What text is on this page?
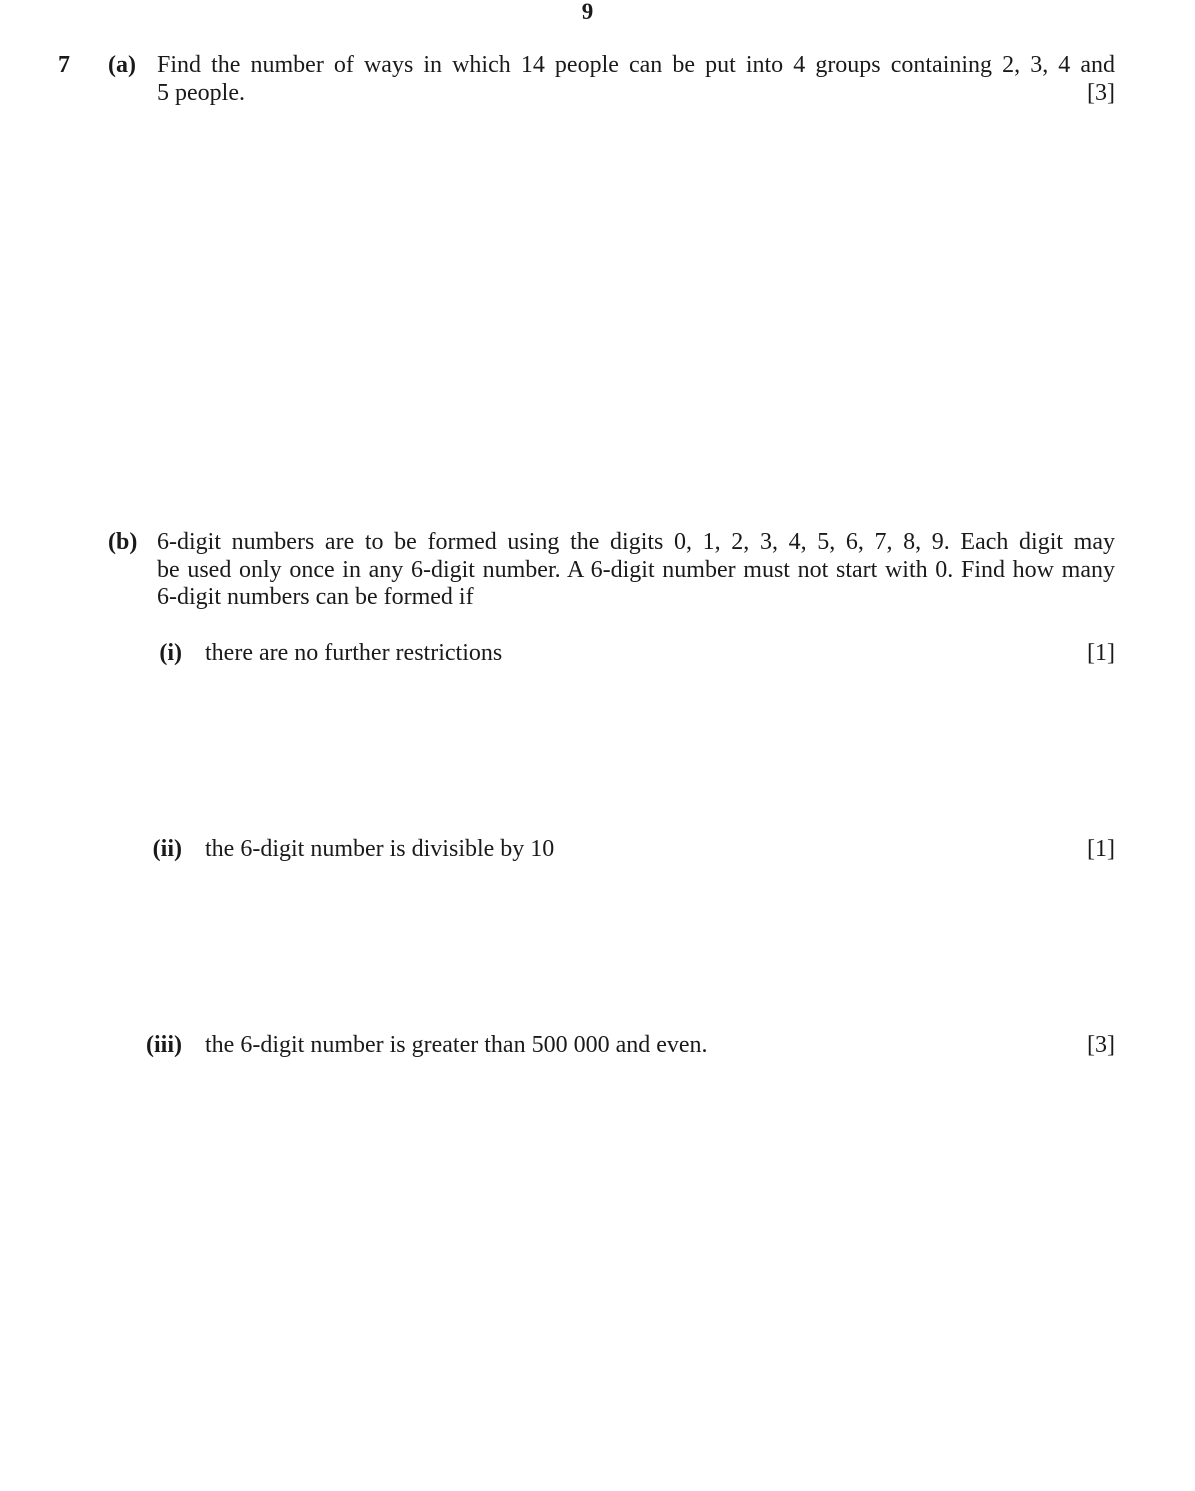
9
7 (a) Find the number of ways in which 14 people can be put into 4 groups containing 2, 3, 4 and
5 people.	[3]
(b) 6-digit numbers are to be formed using the digits 0, 1, 2, 3, 4, 5, 6, 7, 8, 9. Each digit may
be used only once in any 6-digit number. A 6-digit number must not start with 0. Find how many
6-digit numbers can be formed if
(i) there are no further restrictions	[1]
(ii) the 6-digit number is divisible by 10	[1]
(iii) the 6-digit number is greater than 500 000 and even.	[3]
